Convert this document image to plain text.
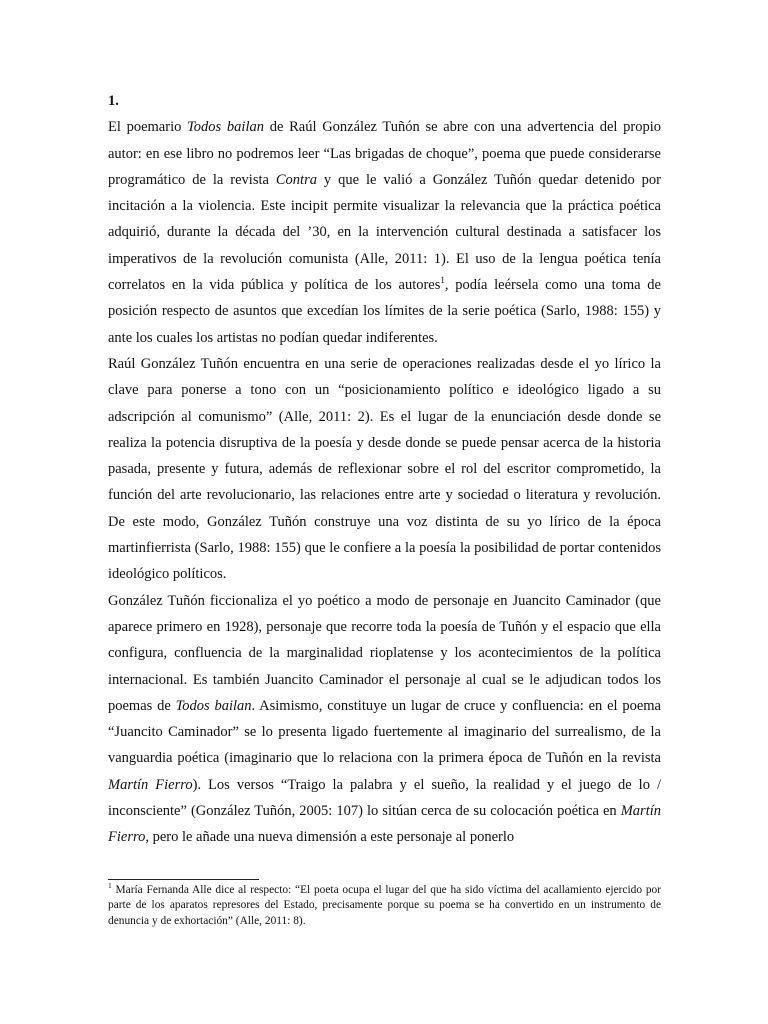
1.

El poemario Todos bailan de Raúl González Tuñón se abre con una advertencia del propio autor: en ese libro no podremos leer “Las brigadas de choque”, poema que puede considerarse programático de la revista Contra y que le valió a González Tuñón quedar detenido por incitación a la violencia. Este incipit permite visualizar la relevancia que la práctica poética adquirió, durante la década del ’30, en la intervención cultural destinada a satisfacer los imperativos de la revolución comunista (Alle, 2011: 1). El uso de la lengua poética tenía correlatos en la vida pública y política de los autores$^1$, podía leérsela como una toma de posición respecto de asuntos que excedían los límites de la serie poética (Sarlo, 1988: 155) y ante los cuales los artistas no podían quedar indiferentes.

Raúl González Tuñón encuentra en una serie de operaciones realizadas desde el yo lírico la clave para ponerse a tono con un “posicionamiento político e ideológico ligado a su adscripción al comunismo” (Alle, 2011: 2). Es el lugar de la enunciación desde donde se realiza la potencia disruptiva de la poesía y desde donde se puede pensar acerca de la historia pasada, presente y futura, además de reflexionar sobre el rol del escritor comprometido, la función del arte revolucionario, las relaciones entre arte y sociedad o literatura y revolución. De este modo, González Tuñón construye una voz distinta de su yo lírico de la época martinfierrista (Sarlo, 1988: 155) que le confiere a la poesía la posibilidad de portar contenidos ideológico políticos.

González Tuñón ficcionaliza el yo poético a modo de personaje en Juancito Caminador (que aparece primero en 1928), personaje que recorre toda la poesía de Tuñón y el espacio que ella configura, confluencia de la marginalidad rioplatense y los acontecimientos de la política internacional. Es también Juancito Caminador el personaje al cual se le adjudican todos los poemas de Todos bailan. Asimismo, constituye un lugar de cruce y confluencia: en el poema “Juancito Caminador” se lo presenta ligado fuertemente al imaginario del surrealismo, de la vanguardia poética (imaginario que lo relaciona con la primera época de Tuñón en la revista Martín Fierro). Los versos “Traigo la palabra y el sueño, la realidad y el juego de lo / inconsciente” (González Tuñón, 2005: 107) lo sitúan cerca de su colocación poética en Martín Fierro, pero le añade una nueva dimensión a este personaje al ponerlo

$^1$ María Fernanda Alle dice al respecto: “El poeta ocupa el lugar del que ha sido víctima del acallamiento ejercido por parte de los aparatos represores del Estado, precisamente porque su poema se ha convertido en un instrumento de denuncia y de exhortación” (Alle, 2011: 8).
